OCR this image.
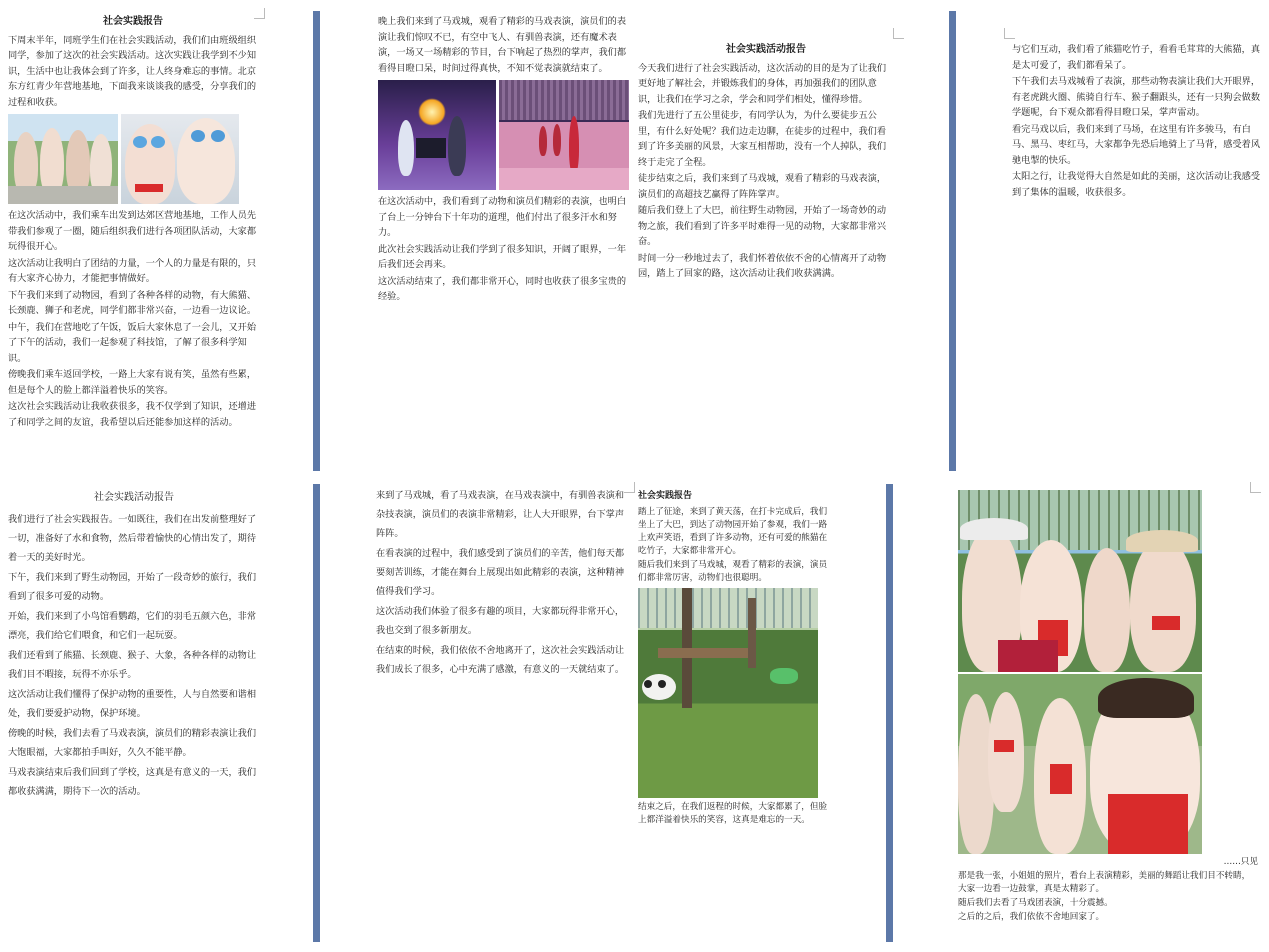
社会实践报告

下周末半年，同班学生们在社会实践活动，我们们由班级组织同学，参加了这次的社会实践活动。这次实践让我学到不少知识，生活中也让我体会到了许多，让人终身难忘的事情。北京东方红青少年营地基地，下面我来谈谈我的感受，分享我们的过程和收获。

在这次活动中，我们乘车出发到达郊区营地基地，工作人员先带我们参观了一圈，随后组织我们进行各项团队活动，大家都玩得很开心。

这次活动让我明白了团结的力量，一个人的力量是有限的，只有大家齐心协力，才能把事情做好。

下午我们来到了动物园，看到了各种各样的动物，有大熊猫、长颈鹿、狮子和老虎，同学们都非常兴奋，一边看一边议论。

中午，我们在营地吃了午饭，饭后大家休息了一会儿，又开始了下午的活动，我们一起参观了科技馆，了解了很多科学知识。

傍晚我们乘车返回学校，一路上大家有说有笑，虽然有些累，但是每个人的脸上都洋溢着快乐的笑容。

这次社会实践活动让我收获很多，我不仅学到了知识，还增进了和同学之间的友谊，我希望以后还能参加这样的活动。

晚上我们来到了马戏城，观看了精彩的马戏表演，演员们的表演让我们惊叹不已，有空中飞人、有驯兽表演，还有魔术表演，一场又一场精彩的节目，台下响起了热烈的掌声，我们都看得目瞪口呆，时间过得真快，不知不觉表演就结束了。

在这次活动中，我们看到了动物和演员们精彩的表演，也明白了台上一分钟台下十年功的道理，他们付出了很多汗水和努力。

此次社会实践活动让我们学到了很多知识，开阔了眼界，一年后我们还会再来。

这次活动结束了，我们都非常开心，同时也收获了很多宝贵的经验。

社会实践活动报告

今天我们进行了社会实践活动，这次活动的目的是为了让我们更好地了解社会，并锻炼我们的身体，再加强我们的团队意识，让我们在学习之余，学会和同学们相处，懂得珍惜。

我们先进行了五公里徒步，有同学认为，为什么要徒步五公里，有什么好处呢？我们边走边聊，在徒步的过程中，我们看到了许多美丽的风景，大家互相帮助，没有一个人掉队，我们终于走完了全程。

徒步结束之后，我们来到了马戏城，观看了精彩的马戏表演，演员们的高超技艺赢得了阵阵掌声。

随后我们登上了大巴，前往野生动物园，开始了一场奇妙的动物之旅，我们看到了许多平时难得一见的动物，大家都非常兴奋。

时间一分一秒地过去了，我们怀着依依不舍的心情离开了动物园，踏上了回家的路，这次活动让我们收获满满。

与它们互动，我们看了熊猫吃竹子，看看毛茸茸的大熊猫，真是太可爱了，我们都看呆了。

下午我们去马戏城看了表演，那些动物表演让我们大开眼界，有老虎跳火圈、熊骑自行车、猴子翻跟头，还有一只狗会做数学题呢，台下观众都看得目瞪口呆，掌声雷动。

看完马戏以后，我们来到了马场，在这里有许多骏马，有白马、黑马、枣红马，大家都争先恐后地骑上了马背，感受着风驰电掣的快乐。

太阳之行，让我觉得大自然是如此的美丽，这次活动让我感受到了集体的温暖，收获很多。

社会实践活动报告

我们进行了社会实践报告。一如既往，我们在出发前整理好了一切，准备好了水和食物，然后带着愉快的心情出发了，期待着一天的美好时光。

下午，我们来到了野生动物园，开始了一段奇妙的旅行，我们看到了很多可爱的动物。

开始，我们来到了小鸟馆看鹦鹉，它们的羽毛五颜六色，非常漂亮，我们给它们喂食，和它们一起玩耍。

我们还看到了熊猫、长颈鹿、猴子、大象，各种各样的动物让我们目不暇接，玩得不亦乐乎。

这次活动让我们懂得了保护动物的重要性，人与自然要和谐相处，我们要爱护动物，保护环境。

傍晚的时候，我们去看了马戏表演，演员们的精彩表演让我们大饱眼福，大家都拍手叫好，久久不能平静。

马戏表演结束后我们回到了学校，这真是有意义的一天，我们都收获满满，期待下一次的活动。

来到了马戏城，看了马戏表演，在马戏表演中，有驯兽表演和杂技表演，演员们的表演非常精彩，让人大开眼界，台下掌声阵阵。

在看表演的过程中，我们感受到了演员们的辛苦，他们每天都要刻苦训练，才能在舞台上展现出如此精彩的表演，这种精神值得我们学习。

这次活动我们体验了很多有趣的项目，大家都玩得非常开心，我也交到了很多新朋友。

在结束的时候，我们依依不舍地离开了，这次社会实践活动让我们成长了很多，心中充满了感激，有意义的一天就结束了。

社会实践报告

踏上了征途，来到了黄天荡，在打卡完成后，我们坐上了大巴，到达了动物园开始了参观，我们一路上欢声笑语，看到了许多动物，还有可爱的熊猫在吃竹子，大家都非常开心。

随后我们来到了马戏城，观看了精彩的表演，演员们都非常厉害，动物们也很聪明。

结束之后，在我们返程的时候，大家都累了，但脸上都洋溢着快乐的笑容，这真是难忘的一天。

……只见

那是我一张，小姐姐的照片，看台上表演精彩，美丽的舞蹈让我们目不转睛，大家一边看一边鼓掌，真是太精彩了。

随后我们去看了马戏团表演，十分震撼。

之后的之后，我们依依不舍地回家了。
